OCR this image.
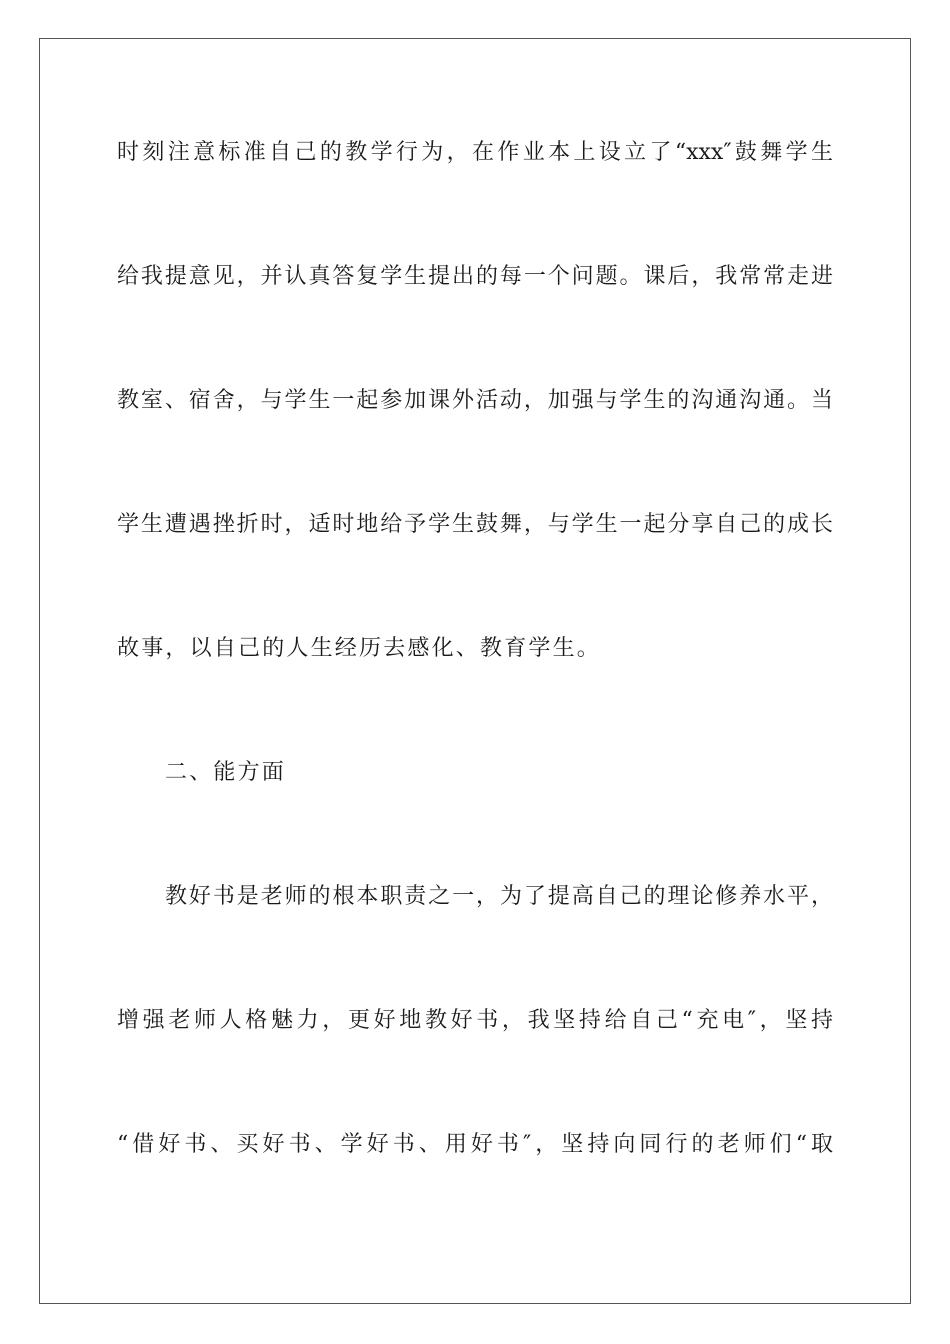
时刻注意标准自己的教学行为，在作业本上设立了“xxx″鼓舞学生
给我提意见，并认真答复学生提出的每一个问题。课后，我常常走进
教室、宿舍，与学生一起参加课外活动，加强与学生的沟通沟通。当
学生遭遇挫折时，适时地给予学生鼓舞，与学生一起分享自己的成长
故事，以自己的人生经历去感化、教育学生。
二、能方面
教好书是老师的根本职责之一，为了提高自己的理论修养水平，
增强老师人格魅力，更好地教好书，我坚持给自己“充电″，坚持
“借好书、买好书、学好书、用好书″，坚持向同行的老师们“取
